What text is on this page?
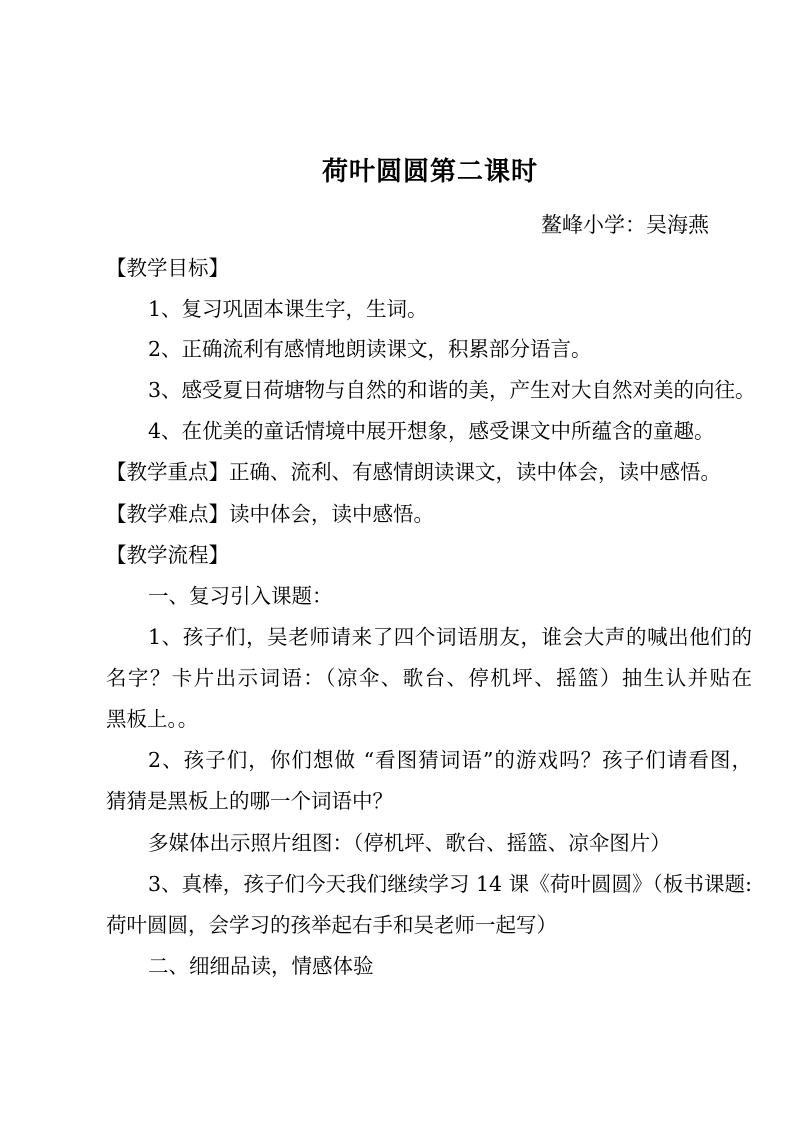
荷叶圆圆第二课时
鳌峰小学：吴海燕
【教学目标】
1、复习巩固本课生字，生词。
2、正确流利有感情地朗读课文，积累部分语言。
3、感受夏日荷塘物与自然的和谐的美，产生对大自然对美的向往。
4、在优美的童话情境中展开想象，感受课文中所蕴含的童趣。
【教学重点】正确、流利、有感情朗读课文，读中体会，读中感悟。
【教学难点】读中体会，读中感悟。
【教学流程】
一、复习引入课题：
1、孩子们，吴老师请来了四个词语朋友，谁会大声的喊出他们的
名字？卡片出示词语：（凉伞、歌台、停机坪、摇篮）抽生认并贴在
黑板上。。
2、孩子们，你们想做 “看图猜词语”的游戏吗？孩子们请看图，
猜猜是黑板上的哪一个词语中？
多媒体出示照片组图：（停机坪、歌台、摇篮、凉伞图片）
3、真棒，孩子们今天我们继续学习 14 课《荷叶圆圆》（板书课题:
荷叶圆圆，会学习的孩举起右手和吴老师一起写）
二、细细品读，情感体验
